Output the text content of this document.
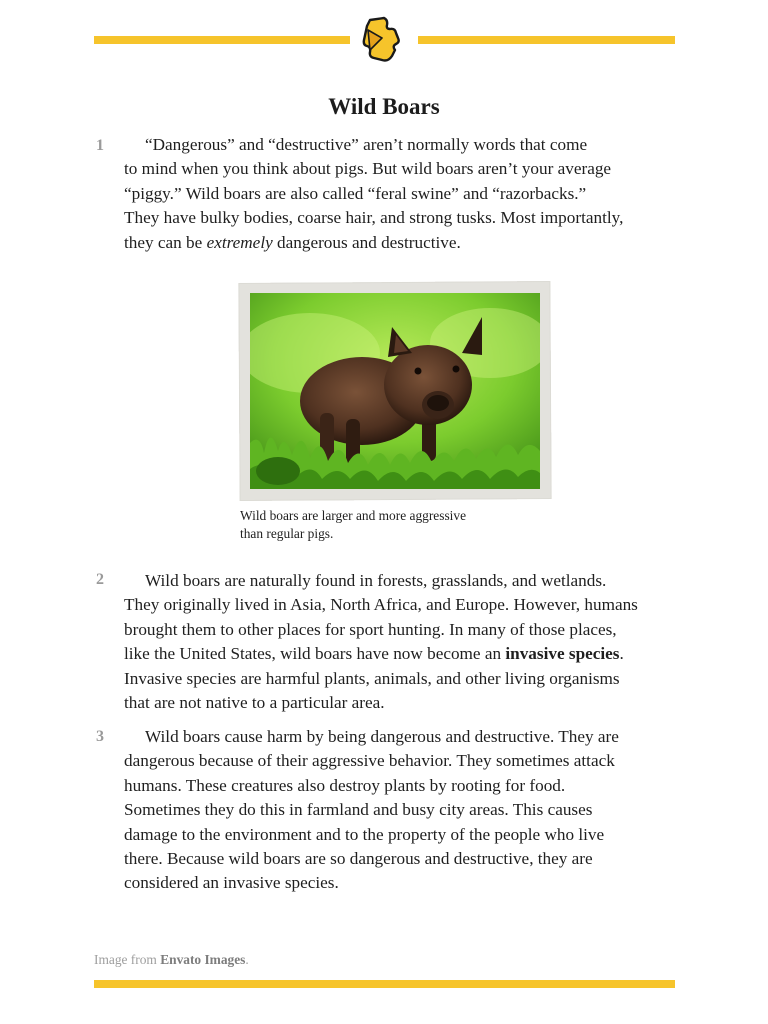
Wild Boars
1	“Dangerous” and “destructive” aren’t normally words that come
to mind when you think about pigs. But wild boars aren’t your average
“piggy.” Wild boars are also called “feral swine” and “razorbacks.”
They have bulky bodies, coarse hair, and strong tusks. Most importantly,
they can be extremely dangerous and destructive.

Wild boars are larger and more aggressive
than regular pigs.

2	Wild boars are naturally found in forests, grasslands, and wetlands.
They originally lived in Asia, North Africa, and Europe. However, humans
brought them to other places for sport hunting. In many of those places,
like the United States, wild boars have now become an invasive species.
Invasive species are harmful plants, animals, and other living organisms
that are not native to a particular area.

3	Wild boars cause harm by being dangerous and destructive. They are
dangerous because of their aggressive behavior. They sometimes attack
humans. These creatures also destroy plants by rooting for food.
Sometimes they do this in farmland and busy city areas. This causes
damage to the environment and to the property of the people who live
there. Because wild boars are so dangerous and destructive, they are
considered an invasive species.

Image from Envato Images.
